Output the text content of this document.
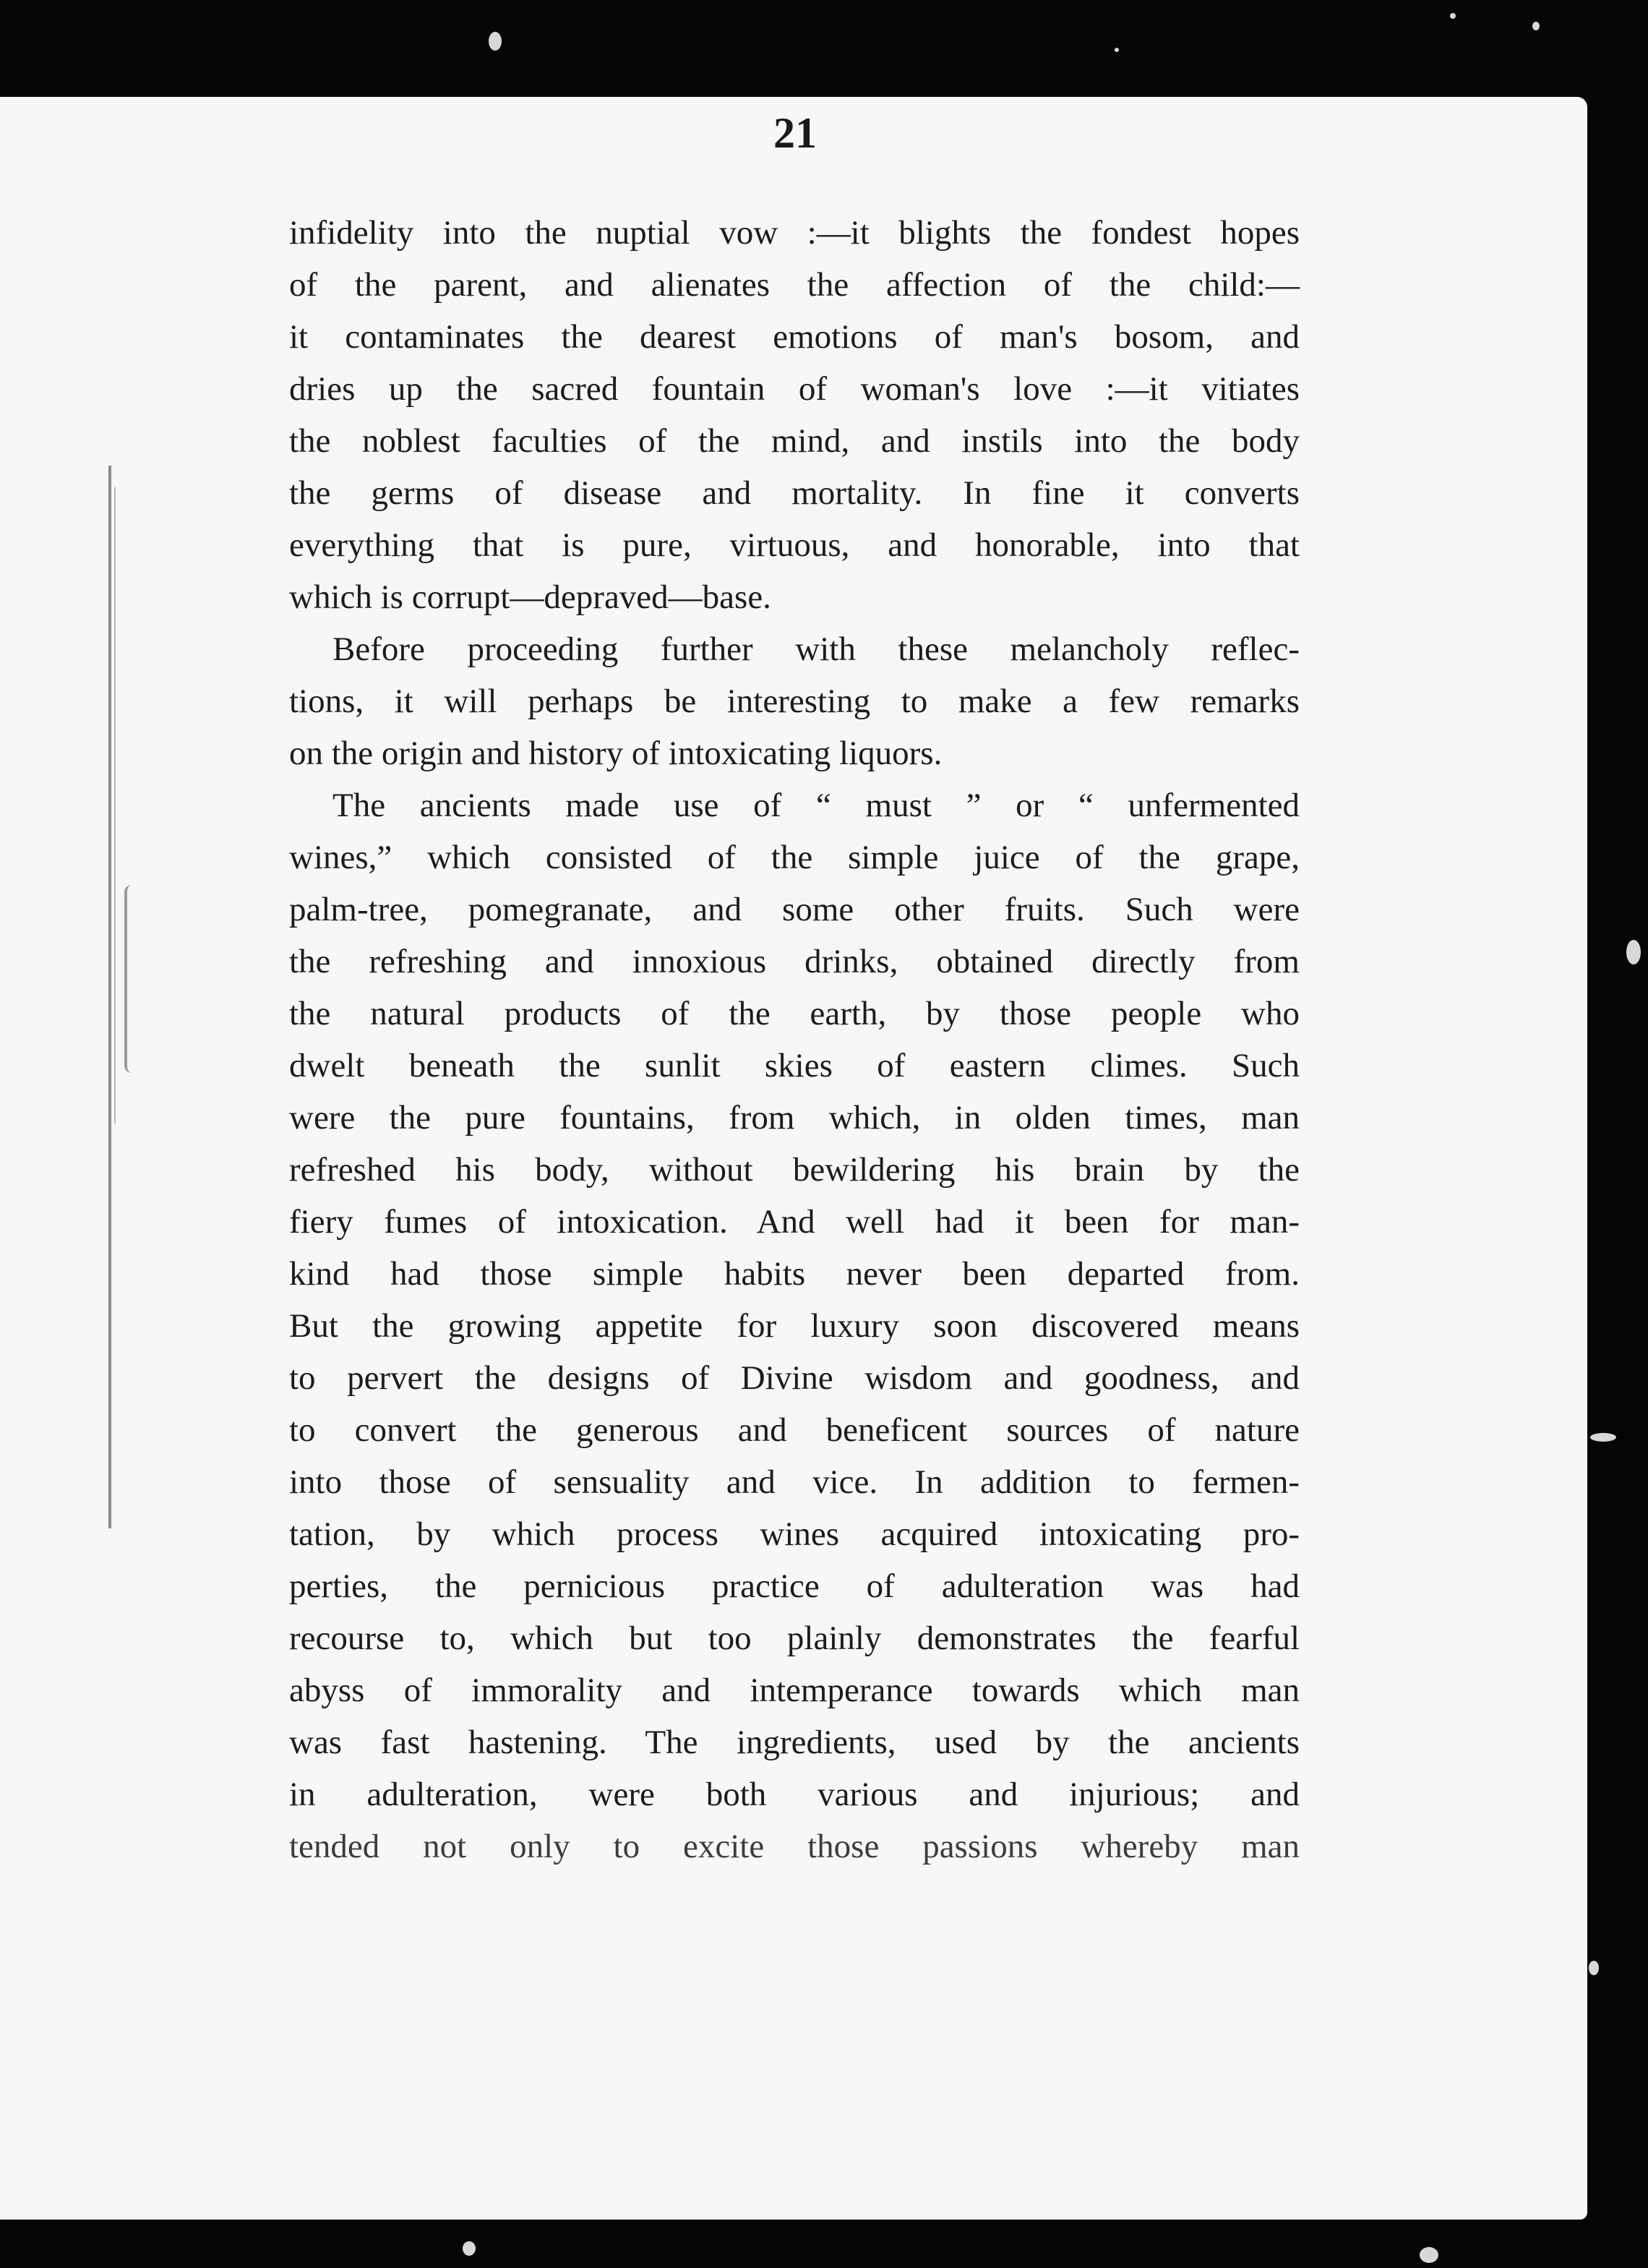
21
infidelity into the nuptial vow :—it blights the fondest hopes
of the parent, and alienates the affection of the child:—
it contaminates the dearest emotions of man's bosom, and
dries up the sacred fountain of woman's love :—it vitiates
the noblest faculties of the mind, and instils into the body
the germs of disease and mortality. In fine it converts
everything that is pure, virtuous, and honorable, into that
which is corrupt—depraved—base.
Before proceeding further with these melancholy reflec-
tions, it will perhaps be interesting to make a few remarks
on the origin and history of intoxicating liquors.
The ancients made use of “ must ” or “ unfermented
wines,” which consisted of the simple juice of the grape,
palm-tree, pomegranate, and some other fruits. Such were
the refreshing and innoxious drinks, obtained directly from
the natural products of the earth, by those people who
dwelt beneath the sunlit skies of eastern climes. Such
were the pure fountains, from which, in olden times, man
refreshed his body, without bewildering his brain by the
fiery fumes of intoxication. And well had it been for man-
kind had those simple habits never been departed from.
But the growing appetite for luxury soon discovered means
to pervert the designs of Divine wisdom and goodness, and
to convert the generous and beneficent sources of nature
into those of sensuality and vice. In addition to fermen-
tation, by which process wines acquired intoxicating pro-
perties, the pernicious practice of adulteration was had
recourse to, which but too plainly demonstrates the fearful
abyss of immorality and intemperance towards which man
was fast hastening. The ingredients, used by the ancients
in adulteration, were both various and injurious; and
tended not only to excite those passions whereby man
